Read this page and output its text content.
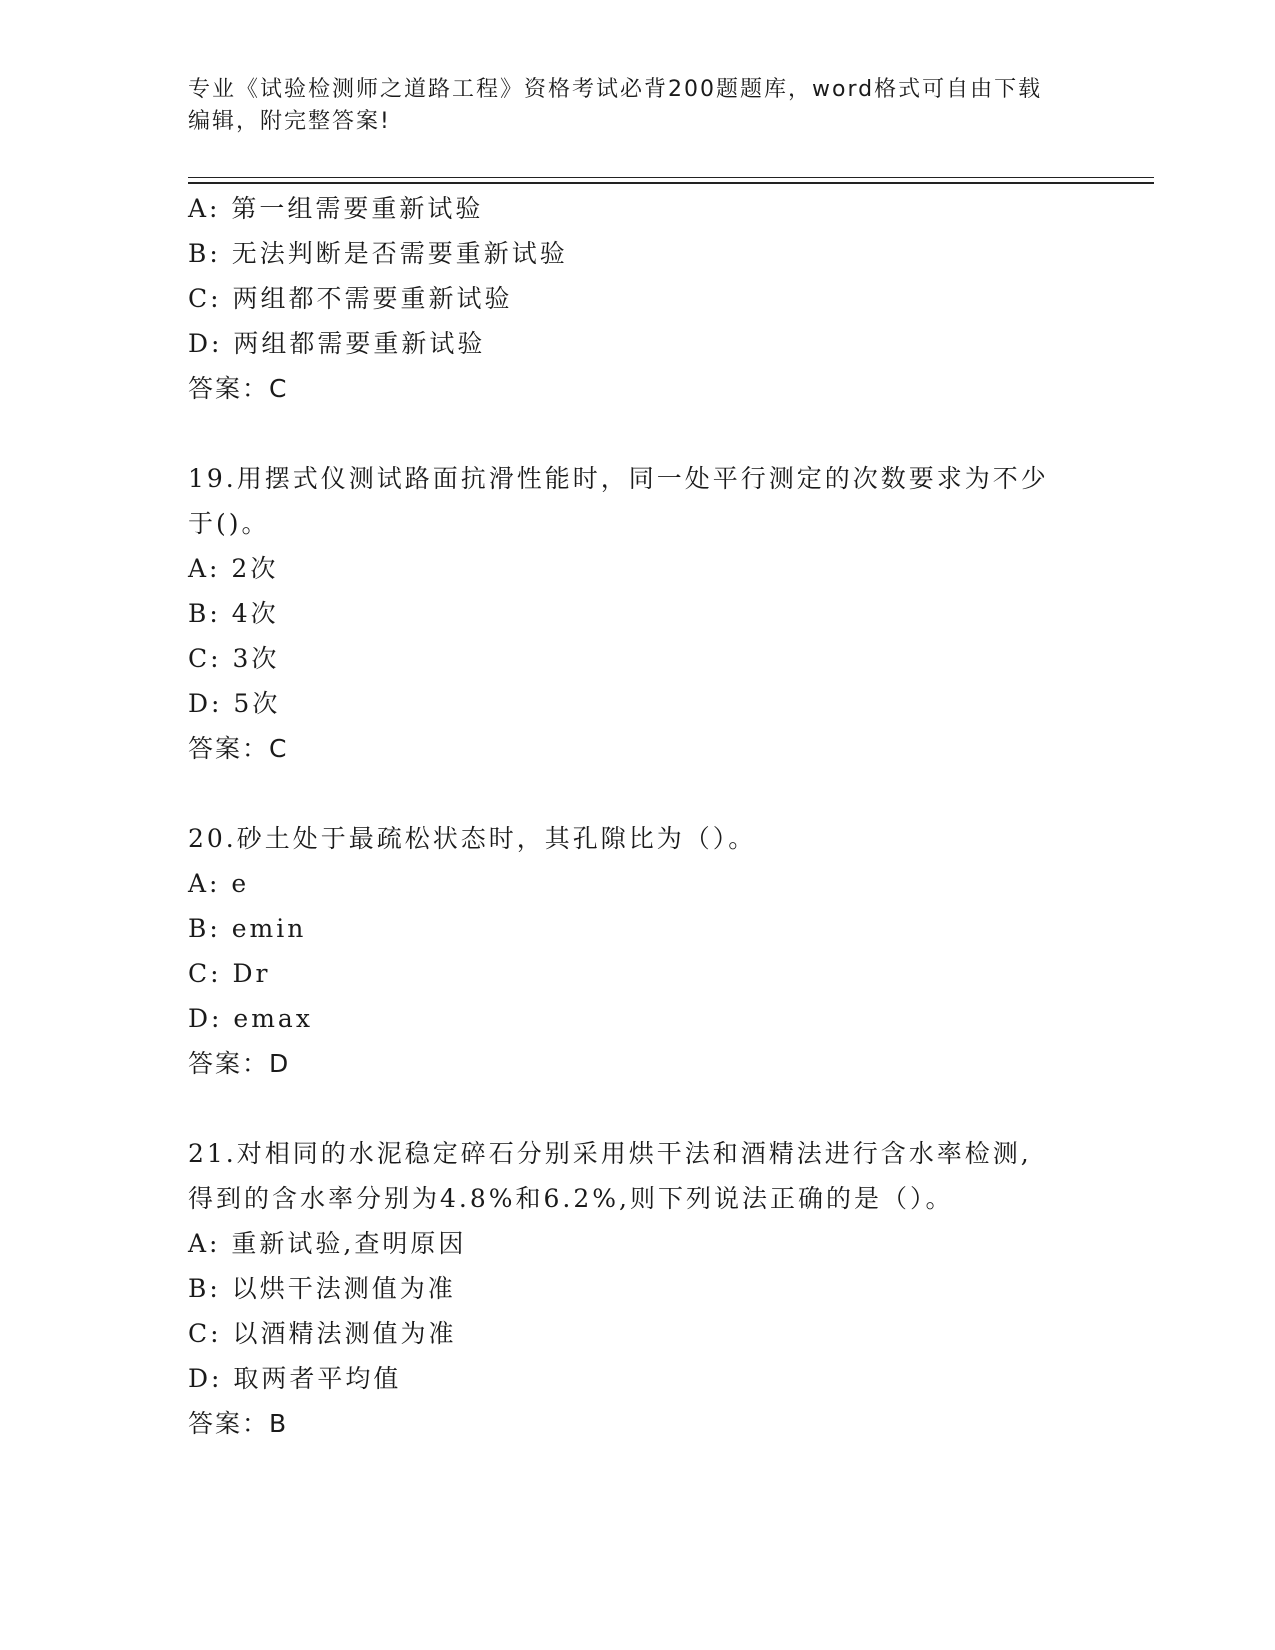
专业《试验检测师之道路工程》资格考试必背200题题库，word格式可自由下载
编辑，附完整答案!
A: 第一组需要重新试验
B: 无法判断是否需要重新试验
C: 两组都不需要重新试验
D: 两组都需要重新试验
答案：C
19.用摆式仪测试路面抗滑性能时，同一处平行测定的次数要求为不少
于()。
A: 2次
B: 4次
C: 3次
D: 5次
答案：C
20.砂土处于最疏松状态时，其孔隙比为（）。
A: e
B: emin
C: Dr
D: emax
答案：D
21.对相同的水泥稳定碎石分别采用烘干法和酒精法进行含水率检测,
得到的含水率分别为4.8%和6.2%,则下列说法正确的是（）。
A: 重新试验,查明原因
B: 以烘干法测值为准
C: 以酒精法测值为准
D: 取两者平均值
答案：B
